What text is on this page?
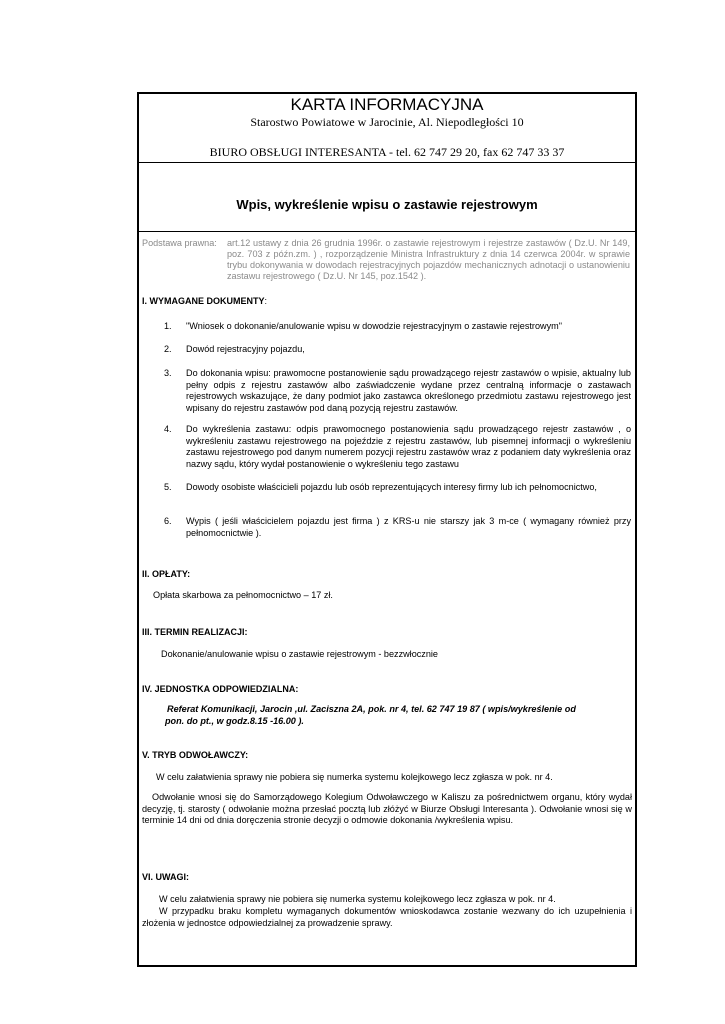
KARTA INFORMACYJNA
Starostwo Powiatowe w Jarocinie, Al. Niepodległości 10
BIURO OBSŁUGI INTERESANTA - tel. 62 747 29 20, fax 62 747 33 37
Wpis, wykreślenie wpisu o zastawie rejestrowym
Podstawa prawna: art.12 ustawy z dnia 26 grudnia 1996r. o zastawie rejestrowym i rejestrze zastawów ( Dz.U. Nr 149, poz. 703 z późn.zm. ) , rozporządzenie Ministra Infrastruktury z dnia 14 czerwca 2004r. w sprawie trybu dokonywania w dowodach rejestracyjnych pojazdów mechanicznych adnotacji o ustanowieniu zastawu rejestrowego ( Dz.U. Nr 145, poz.1542 ).
I. WYMAGANE DOKUMENTY:
1. "Wniosek o dokonanie/anulowanie wpisu w dowodzie rejestracyjnym o zastawie rejestrowym"
2. Dowód rejestracyjny pojazdu,
3. Do dokonania wpisu: prawomocne postanowienie sądu prowadzącego rejestr zastawów o wpisie, aktualny lub pełny odpis z rejestru zastawów albo zaświadczenie wydane przez centralną informacje o zastawach rejestrowych wskazujące, że dany podmiot jako zastawca określonego przedmiotu zastawu rejestrowego jest wpisany do rejestru zastawów pod daną pozycją rejestru zastawów.
4. Do wykreślenia zastawu: odpis prawomocnego postanowienia sądu prowadzącego rejestr zastawów , o wykreśleniu zastawu rejestrowego na pojeździe z rejestru zastawów, lub pisemnej informacji o wykreśleniu zastawu rejestrowego pod danym numerem pozycji rejestru zastawów wraz z podaniem daty wykreślenia oraz nazwy sądu, który wydał postanowienie o wykreśleniu tego zastawu
5. Dowody osobiste właścicieli pojazdu lub osób reprezentujących interesy firmy lub ich pełnomocnictwo,
6. Wypis ( jeśli właścicielem pojazdu jest firma ) z KRS-u nie starszy jak 3 m-ce ( wymagany również przy pełnomocnictwie ).
II. OPŁATY:
Opłata skarbowa za pełnomocnictwo – 17 zł.
III. TERMIN REALIZACJI:
Dokonanie/anulowanie wpisu o zastawie rejestrowym - bezzwłocznie
IV. JEDNOSTKA ODPOWIEDZIALNA:
Referat Komunikacji, Jarocin ,ul. Zaciszna 2A, pok. nr 4, tel. 62 747 19 87 ( wpis/wykreślenie od
pon. do pt., w godz.8.15 -16.00 ).
V. TRYB ODWOŁAWCZY:
W celu załatwienia sprawy nie pobiera się numerka systemu kolejkowego lecz zgłasza w pok. nr 4.
Odwołanie wnosi się do Samorządowego Kolegium Odwoławczego w Kaliszu za pośrednictwem organu, który wydał decyzję, tj. starosty ( odwołanie można przesłać pocztą lub złóżyć w Biurze Obsługi Interesanta ). Odwołanie wnosi się w terminie 14 dni od dnia doręczenia stronie decyzji o odmowie dokonania /wykreślenia wpisu.
VI. UWAGI:
W celu załatwienia sprawy nie pobiera się numerka systemu kolejkowego lecz zgłasza w pok. nr 4.
W przypadku braku kompletu wymaganych dokumentów wnioskodawca zostanie wezwany do ich uzupełnienia i złożenia w jednostce odpowiedzialnej za prowadzenie sprawy.
